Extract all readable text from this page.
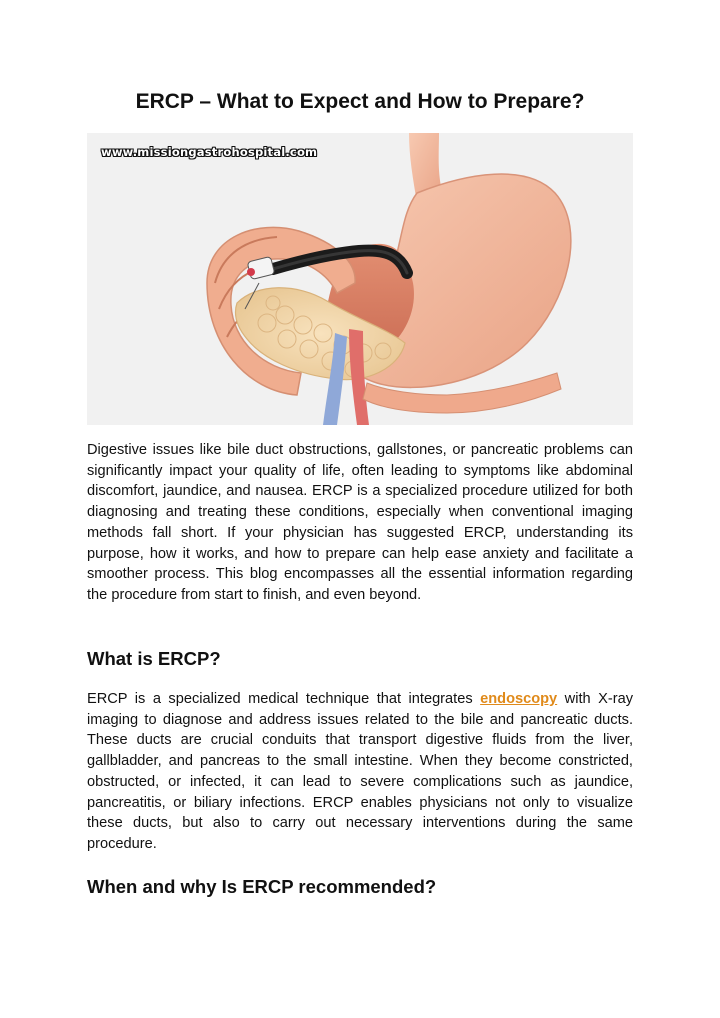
ERCP – What to Expect and How to Prepare?
www.missiongastrohospital.com

Digestive issues like bile duct obstructions, gallstones, or pancreatic problems can significantly impact your quality of life, often leading to symptoms like abdominal discomfort, jaundice, and nausea. ERCP is a specialized procedure utilized for both diagnosing and treating these conditions, especially when conventional imaging methods fall short. If your physician has suggested ERCP, understanding its purpose, how it works, and how to prepare can help ease anxiety and facilitate a smoother process. This blog encompasses all the essential information regarding the procedure from start to finish, and even beyond.

What is ERCP?

ERCP is a specialized medical technique that integrates endoscopy with X-ray imaging to diagnose and address issues related to the bile and pancreatic ducts. These ducts are crucial conduits that transport digestive fluids from the liver, gallbladder, and pancreas to the small intestine. When they become constricted, obstructed, or infected, it can lead to severe complications such as jaundice, pancreatitis, or biliary infections. ERCP enables physicians not only to visualize these ducts, but also to carry out necessary interventions during the same procedure.

When and why Is ERCP recommended?
